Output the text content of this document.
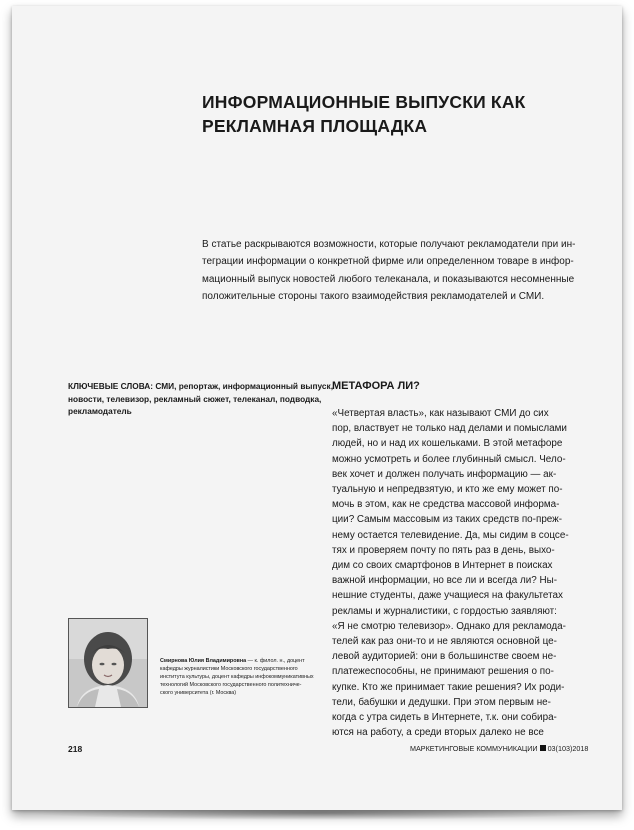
ИНФОРМАЦИОННЫЕ ВЫПУСКИ КАК
РЕКЛАМНАЯ ПЛОЩАДКА
В статье раскрываются возможности, которые получают рекламодатели при ин-
теграции информации о конкретной фирме или определенном товаре в инфор-
мационный выпуск новостей любого телеканала, и показываются несомненные
положительные стороны такого взаимодействия рекламодателей и СМИ.
КЛЮЧЕВЫЕ СЛОВА: СМИ, репортаж, информационный выпуск,
новости, телевизор, рекламный сюжет, телеканал, подводка,
рекламодатель
МЕТАФОРА ЛИ?
«Четвертая власть», как называют СМИ до сих
пор, властвует не только над делами и помыслами
людей, но и над их кошельками. В этой метафоре
можно усмотреть и более глубинный смысл. Чело-
век хочет и должен получать информацию — ак-
туальную и непредвзятую, и кто же ему может по-
мочь в этом, как не средства массовой информа-
ции? Самым массовым из таких средств по-преж-
нему остается телевидение. Да, мы сидим в соцсе-
тях и проверяем почту по пять раз в день, выхо-
дим со своих смартфонов в Интернет в поисках
важной информации, но все ли и всегда ли? Ны-
нешние студенты, даже учащиеся на факультетах
рекламы и журналистики, с гордостью заявляют:
«Я не смотрю телевизор». Однако для рекламода-
телей как раз они-то и не являются основной це-
левой аудиторией: они в большинстве своем не-
платежеспособны, не принимают решения о по-
купке. Кто же принимает такие решения? Их роди-
тели, бабушки и дедушки. При этом первым не-
когда с утра сидеть в Интернете, т.к. они собира-
ются на работу, а среди вторых далеко не все
Смирнова Юлия Владимировна — к. филол. н., доцент
кафедры журналистики Московского государственного
института культуры, доцент кафедры инфокоммуникативных
технологий Московского государственного политехниче-
ского университета (г. Москва)
218	МАРКЕТИНГОВЫЕ КОММУНИКАЦИИ 03(103)2018
